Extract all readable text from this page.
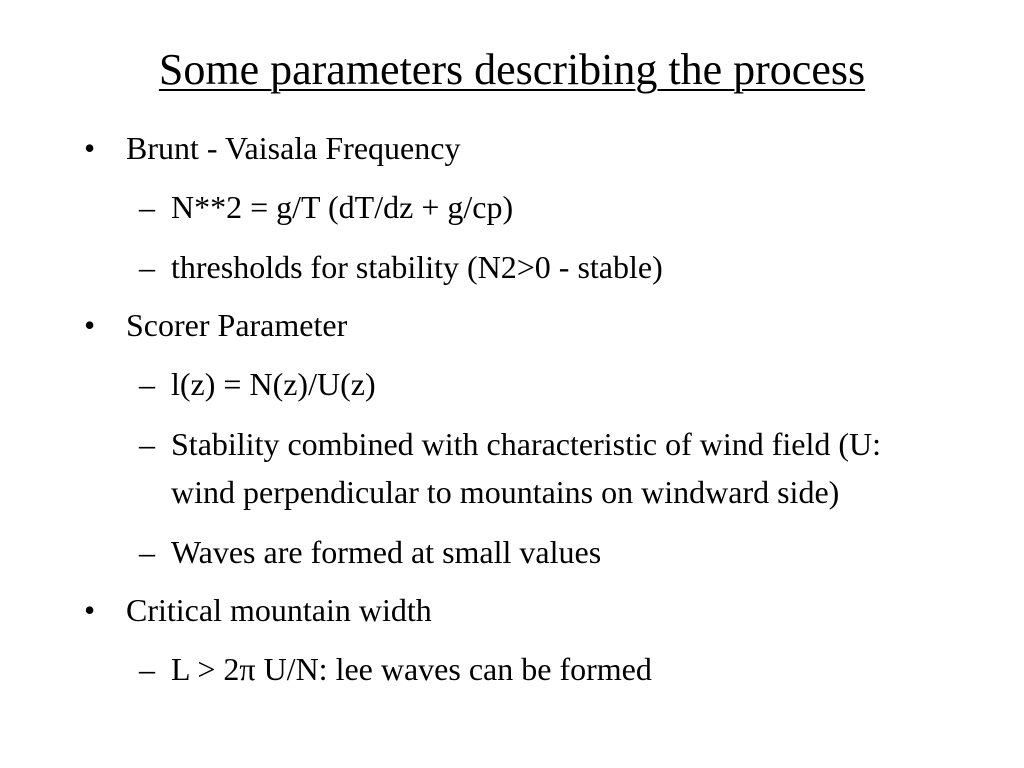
Some parameters describing the process
• Brunt - Vaisala Frequency
– N**2 = g/T (dT/dz + g/cp)
– thresholds for stability (N2>0 - stable)
• Scorer Parameter
– l(z) = N(z)/U(z)
– Stability combined with characteristic of wind field (U: wind perpendicular to mountains on windward side)
– Waves are formed at small values
• Critical mountain width
– L > 2π U/N: lee waves can be formed
